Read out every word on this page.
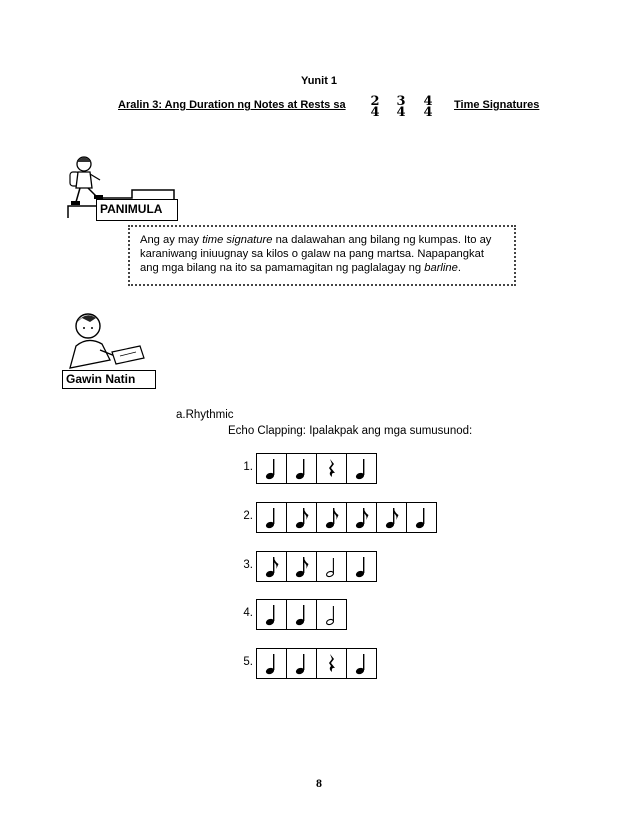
Yunit 1
Aralin 3: Ang Duration ng Notes at Rests sa	2
4
3
4
4
4	Time Signatures
PANIMULA

Ang ay may time signature na dalawahan ang bilang ng kumpas. Ito ay karaniwang iniuugnay sa kilos o galaw na pang martsa. Napapangkat ang mga bilang na ito sa pamamagitan ng paglalagay ng barline.

Gawin Natin
a.Rhythmic
Echo Clapping: Ipalakpak ang mga sumusunod:
1.
2.
3.
4.
5.
8
